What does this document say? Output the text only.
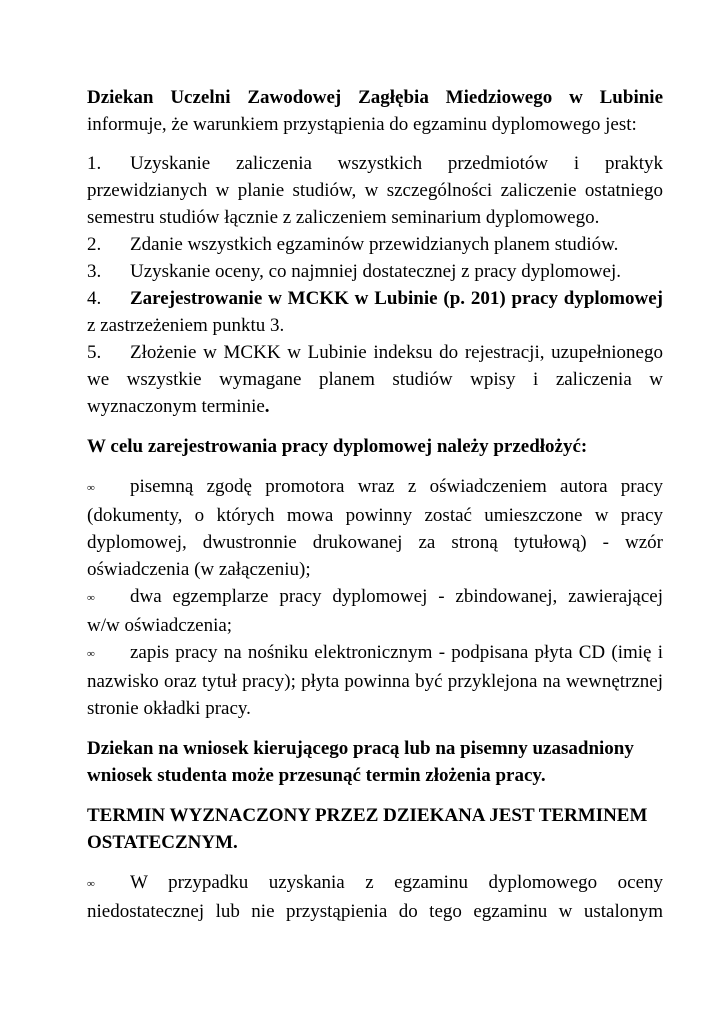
Dziekan Uczelni Zawodowej Zagłębia Miedziowego w Lubinie

informuje, że warunkiem przystąpienia do egzaminu dyplomowego jest:

1. Uzyskanie zaliczenia wszystkich przedmiotów i praktyk przewidzianych w planie studiów, w szczególności zaliczenie ostatniego semestru studiów łącznie z zaliczeniem seminarium dyplomowego.

2. Zdanie wszystkich egzaminów przewidzianych planem studiów.

3. Uzyskanie oceny, co najmniej dostatecznej z pracy dyplomowej.

4. Zarejestrowanie w MCKK w Lubinie (p. 201) pracy dyplomowej z zastrzeżeniem punktu 3.

5. Złożenie w MCKK w Lubinie indeksu do rejestracji, uzupełnionego we wszystkie wymagane planem studiów wpisy i zaliczenia w wyznaczonym terminie.

W celu zarejestrowania pracy dyplomowej należy przedłożyć:

∞ pisemną zgodę promotora wraz z oświadczeniem autora pracy (dokumenty, o których mowa powinny zostać umieszczone w pracy dyplomowej, dwustronnie drukowanej za stroną tytułową) - wzór oświadczenia (w załączeniu);

∞ dwa egzemplarze pracy dyplomowej - zbindowanej, zawierającej w/w oświadczenia;

∞ zapis pracy na nośniku elektronicznym - podpisana płyta CD (imię i nazwisko oraz tytuł pracy); płyta powinna być przyklejona na wewnętrznej stronie okładki pracy.

Dziekan na wniosek kierującego pracą lub na pisemny uzasadniony wniosek studenta może przesunąć termin złożenia pracy.

TERMIN WYZNACZONY PRZEZ DZIEKANA JEST TERMINEM OSTATECZNYM.

∞ W przypadku uzyskania z egzaminu dyplomowego oceny niedostatecznej lub nie przystąpienia do tego egzaminu w ustalonym
